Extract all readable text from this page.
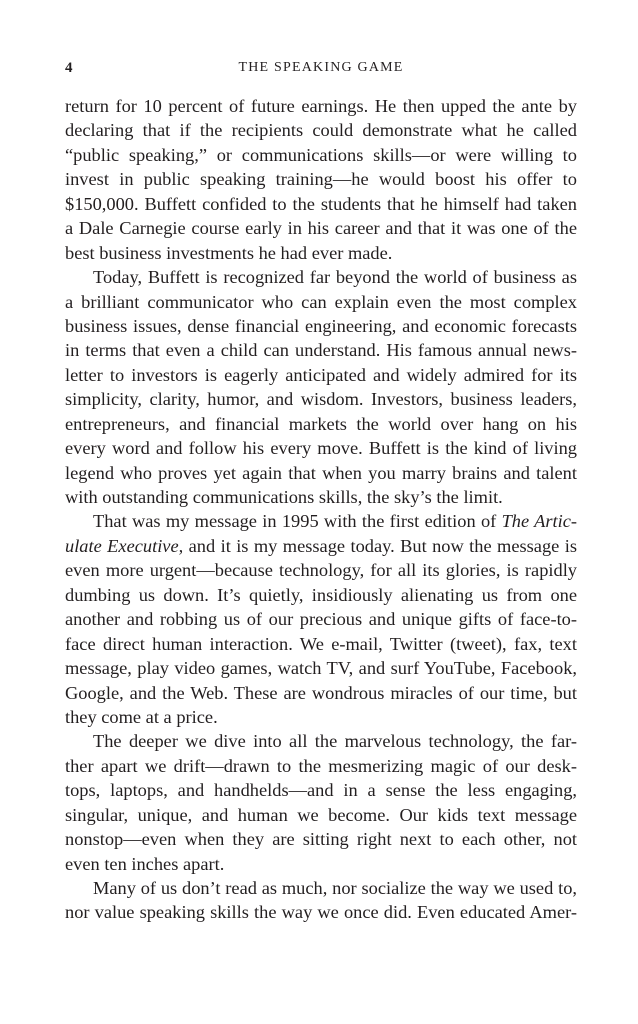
4	THE SPEAKING GAME
return for 10 percent of future earnings. He then upped the ante by
declaring that if the recipients could demonstrate what he called
“public speaking,” or communications skills—or were willing to
invest in public speaking training—he would boost his offer to
$150,000. Buffett confided to the students that he himself had taken
a Dale Carnegie course early in his career and that it was one of the
best business investments he had ever made.
Today, Buffett is recognized far beyond the world of business as
a brilliant communicator who can explain even the most complex
business issues, dense financial engineering, and economic forecasts
in terms that even a child can understand. His famous annual news-
letter to investors is eagerly anticipated and widely admired for its
simplicity, clarity, humor, and wisdom. Investors, business leaders,
entrepreneurs, and financial markets the world over hang on his
every word and follow his every move. Buffett is the kind of living
legend who proves yet again that when you marry brains and talent
with outstanding communications skills, the sky’s the limit.
That was my message in 1995 with the first edition of The Artic-
ulate Executive, and it is my message today. But now the message is
even more urgent—because technology, for all its glories, is rapidly
dumbing us down. It’s quietly, insidiously alienating us from one
another and robbing us of our precious and unique gifts of face-to-
face direct human interaction. We e-mail, Twitter (tweet), fax, text
message, play video games, watch TV, and surf YouTube, Facebook,
Google, and the Web. These are wondrous miracles of our time, but
they come at a price.
The deeper we dive into all the marvelous technology, the far-
ther apart we drift—drawn to the mesmerizing magic of our desk-
tops, laptops, and handhelds—and in a sense the less engaging,
singular, unique, and human we become. Our kids text message
nonstop—even when they are sitting right next to each other, not
even ten inches apart.
Many of us don’t read as much, nor socialize the way we used to,
nor value speaking skills the way we once did. Even educated Amer-
